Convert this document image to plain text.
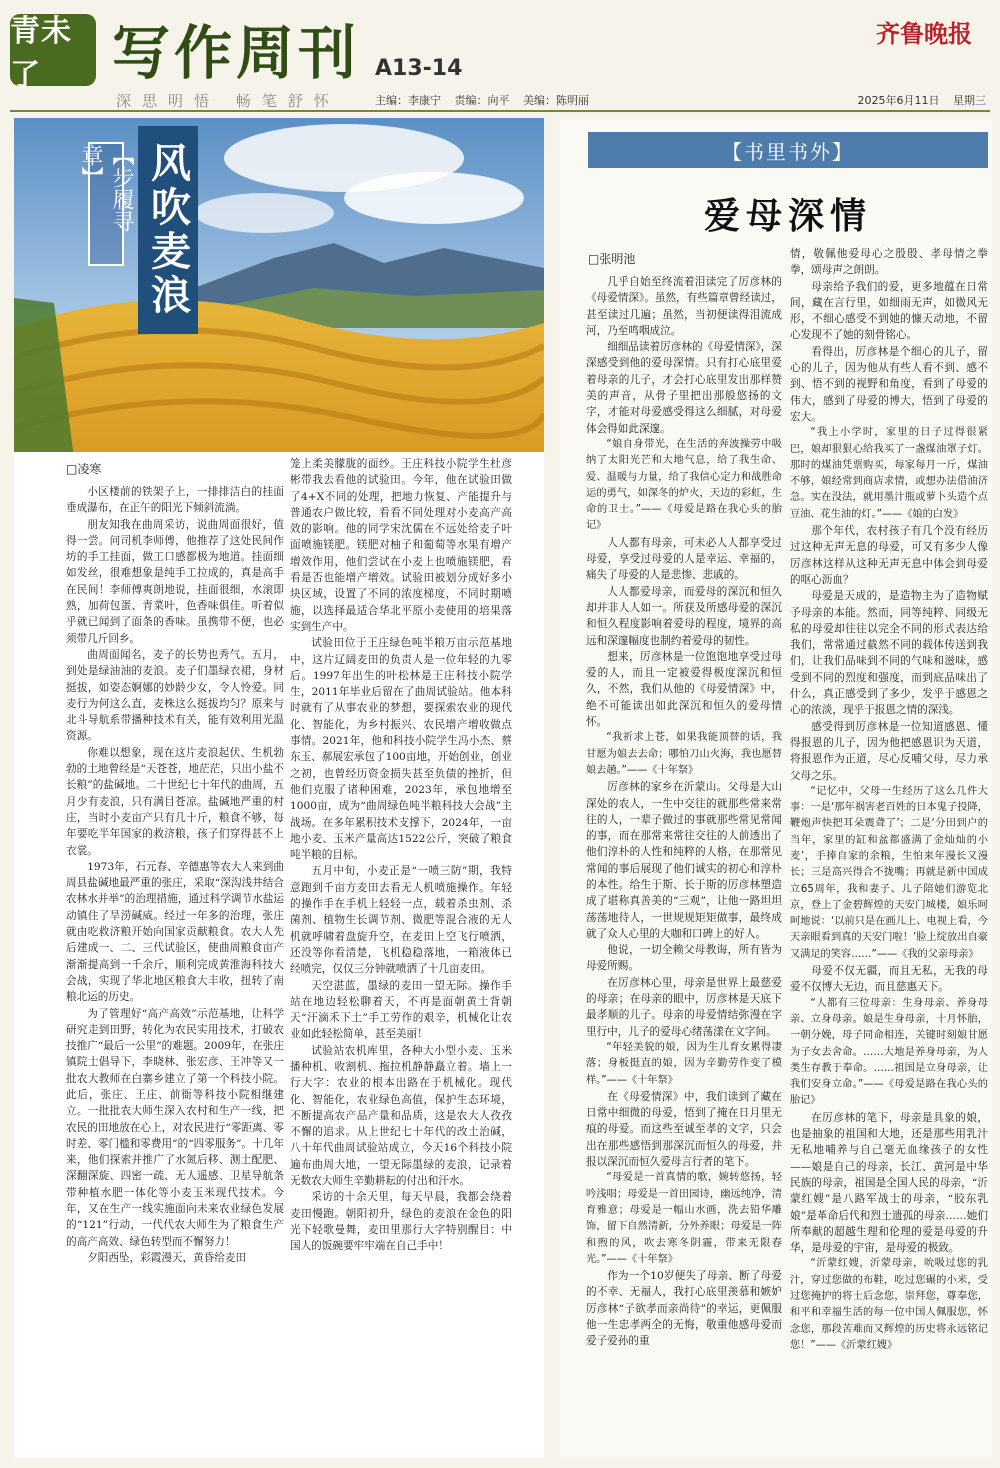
青未了	写作周刊 A13-14
齐鲁晚报
深思明悟 畅笔舒怀	主编：李康宁 责编：向平 美编：陈明丽	2025年6月11日 星期三
【步履寻章】	风吹麦浪
□凌寒

小区楼前的铁架子上，一排排洁白的挂面垂成瀑布，在正午的阳光下倾斜流淌。

朋友知我在曲周采访，说曲周面很好，值得一尝。问司机李师傅，他推荐了这处民间作坊的手工挂面，做工口感都极为地道。挂面细如发丝，很难想象是纯手工拉成的，真是高手在民间！李师傅爽朗地说，挂面很细，水滚即熟，加荷包蛋、青菜叶，色香味俱佳。听着似乎就已闻到了面条的香味。虽携带不便，也必须带几斤回乡。

曲周面闻名，麦子的长势也秀气。五月，到处是绿油油的麦浪。麦子们墨绿衣裙，身材挺拔，如姿态婀娜的妙龄少女，令人怜爱。同麦行为何这么直，麦株这么挺拔均匀？原来与北斗导航系带播种技术有关，能有效利用光温资源。

你难以想象，现在这片麦浪起伏、生机勃勃的土地曾经是“天苍苍，地茫茫，只出小盐不长粮”的盐碱地。二十世纪七十年代的曲周，五月少有麦浪，只有满目苍凉。盐碱地严重的村庄，当时小麦亩产只有几十斤，粮食不够，每年要吃半年国家的救济粮，孩子们穿得甚不上衣裳。

1973年，石元春、辛德惠等农大人来到曲周县盐碱地最严重的张庄，采取“深沟浅井结合 农林水并举”的治理措施，通过科学调节水盐运动镇住了旱涝碱威。经过一年多的治理，张庄就由吃救济粮开始向国家贡献粮食。农大人先后建成一、二、三代试验区，使曲周粮食亩产渐渐提高到一千余斤，顺利完成黄淮海科技大会战，实现了华北地区粮食大丰收，扭转了南粮北运的历史。

为了管理好“高产高效”示范基地，让科学研究走到田野，转化为农民实用技术，打破农技推广“最后一公里”的难题。2009年，在张庄镇院士倡导下，李晓林、张宏彦、王冲等又一批农大教师在白寨乡建立了第一个科技小院。此后，张庄、王庄、前衙等科技小院相继建立。一批批农大师生深入农村和生产一线，把农民的田地放在心上，对农民进行“零距离、零时差、零门槛和零费用”的“四零服务”。十几年来，他们探索并推广了水氮后移、测土配肥、深翻深旋、四密一疏、无人遥感、卫星导航条带种植水肥一体化等小麦玉米现代技术。今年，又在生产一线实施面向未来农业绿色发展的“121”行动，一代代农大师生为了粮食生产的高产高效、绿色转型而不懈努力！

夕阳西坠，彩霞漫天，黄昏给麦田

笼上柔美朦胧的面纱。王庄科技小院学生杜彦彬带我去看他的试验田。今年，他在试验田做了4+X不同的处理，把地力恢复、产能提升与普通农户做比较，看看不同处理对小麦高产高效的影响。他的同学宋沈儒在不远处给麦子叶面喷施镁肥。镁肥对柚子和葡萄等水果有增产增效作用，他们尝试在小麦上也喷施镁肥，看看是否也能增产增效。试验田被划分成好多小块区域，设置了不同的浓度梯度，不同时期喷施，以选择最适合华北平原小麦使用的培果落实到生产中。

试验田位于王庄绿色吨半粮万亩示范基地中，这片辽阔麦田的负责人是一位年轻的九零后。1997年出生的叶松林是王庄科技小院学生，2011年毕业后留在了曲周试验站。他本科时就有了从事农业的梦想，要探索农业的现代化、智能化，为乡村振兴、农民增产增收做点事情。2021年，他和科技小院学生冯小杰、蔡东玉、郝展宏承包了100亩地，开始创业，创业之初，也曾经历资金损失甚至负债的挫折，但他们克服了诸种困难，2023年，承包地增至1000亩，成为“曲周绿色吨半粮科技大会战”主战场。在多年累积技术支撑下，2024年，一亩地小麦、玉米产量高达1522公斤，突破了粮食吨半粮的目标。

五月中旬，小麦正是“一喷三防”期，我特意跑到千亩方麦田去看无人机喷施操作。年轻的操作手在手机上轻轻一点，载着杀虫剂、杀菌剂、植物生长调节剂、微肥等混合液的无人机就呼啸着盘旋升空，在麦田上空飞行喷洒，还没等你看清楚，飞机稳稳落地，一箱液体已经喷完，仅仅三分钟就喷洒了十几亩麦田。

天空湛蓝，墨绿的麦田一望无际。操作手站在地边轻松聊着天，不再是面朝黄土背朝天“汗滴禾下土”手工劳作的艰辛，机械化让农业如此轻松简单，甚至美丽！

试验站农机库里，各种大小型小麦、玉米播种机、收割机、拖拉机静静矗立着。墙上一行大字：农业的根本出路在于机械化。现代化、智能化，农业绿色高值，保护生态环境，不断提高农产品产量和品质，这是农大人孜孜不懈的追求。从上世纪七十年代的改土治碱，八十年代曲周试验站成立，今天16个科技小院遍布曲周大地，一望无际墨绿的麦浪，记录着无数农大师生辛勤耕耘的付出和汗水。

采访的十余天里，每天早晨，我都会绕着麦田慢跑。朝阳初升，绿色的麦浪在金色的阳光下轻歌曼舞，麦田里那行大字特别醒目：中国人的饭碗要牢牢端在自己手中！

【书里书外】
爱母深情
□张明池

几乎自始至终流着泪读完了厉彦林的《母爱情深》。虽然，有些篇章曾经读过，甚至读过几遍；虽然，当初便读得泪流成河，乃至鸣咽成泣。

细细品读着厉彦林的《母爱情深》，深深感受到他的爱母深情。只有打心底里爱着母亲的儿子，才会打心底里发出那样赞美的声音，从骨子里把出那般悠扬的文字，才能对母爱感受得这么细腻，对母爱体会得如此深邃。

“娘自身带光，在生活的奔波操劳中吸纳了太阳光芒和大地气息，给了我生命、爱、温暖与力量，给了我信心定力和战胜命运的勇气，如深冬的炉火，天边的彩虹，生命的卫士。”——《母爱是路在我心头的胎记》

人人都有母亲，可未必人人都享受过母爱，享受过母爱的人是幸运、幸福的，痛失了母爱的人是悲惨、悲戚的。

人人都爱母亲，而爱母的深沉和恒久却并非人人如一。所获及所感母爱的深沉和恒久程度影响着爱母的程度，境界的高远和深邃幅度也制约着爱母的韧性。

想来，厉彦林是一位饱饱地享受过母爱的人，而且一定被爱得极度深沉和恒久，不然，我们从他的《母爱情深》中，绝不可能读出如此深沉和恒久的爱母情怀。

“我祈求上苍，如果我能顶替的话，我甘愿为娘去去命；哪怕刀山火海，我也愿替娘去趟。”——《十年祭》

厉彦林的家乡在沂蒙山。父母是大山深处的农人，一生中交往的就那些常来常往的人，一辈子做过的事就那些常见常闻的事，而在那常来常往交往的人前透出了他们淳朴的人性和纯粹的人格，在那常见常闻的事后展现了他们诚实的初心和淳朴的本性。给生于斯、长于斯的厉彦林塑造成了堪称真善美的“三观”，让他一路坦坦荡荡地待人，一世规规矩矩做事，最终成就了众人心里的大咖和口碑上的好人。

他说，一切全赖父母教诲，所有皆为母爱所赐。

在厉彦林心里，母亲是世界上最慈爱的母亲；在母亲的眼中，厉彦林是天底下最孝顺的儿子。母亲的母爱情结弥漫在字里行中，儿子的爱母心绪荡漾在文字间。

“年轻美貌的娘，因为生儿育女累得凄落；身板挺直的娘，因为辛勤劳作变了模样。”——《十年祭》

在《母爱情深》中，我们读到了藏在日常中细微的母爱，悟到了掩在日月里无痕的母爱。而这些至诚至孝的文字，只会出在那些感悟到那深沉而恒久的母爱，并报以深沉而恒久爱母言行者的笔下。

“母爱是一首真情的歌，婉转悠扬，轻吟浅唱；母爱是一首田园诗，幽远纯净，清育雅意；母爱是一幅山水画，洗去铅华雕饰，留下自然清新，分外养眼；母爱是一阵和煦的风，吹去寒冬阴霾，带来无限春光。”——《十年祭》

作为一个10岁便失了母亲、断了母爱的不幸、无福人，我打心底里羡慕和嫉妒厉彦林“子欲孝而亲尚待”的幸运，更佩服他一生忠孝两全的无悔，敬重他感母爱而爱子爱孙的重

情，敬佩他爱母心之殷殷、孝母情之拳拳，颂母声之朗朗。

母亲给予我们的爱，更多地蕴在日常间，藏在言行里，如细雨无声，如微风无形，不细心感受不到她的慷天动地，不留心发现不了她的刻骨铭心。

看得出，厉彦林是个细心的儿子，留心的儿子，因为他从有些人看不到、感不到、悟不到的视野和角度，看到了母爱的伟大，感到了母爱的博大，悟到了母爱的宏大。

“我上小学时，家里的日子过得很紧巴，娘却狠狠心给我买了一盏煤油罩子灯。那时的煤油凭票购买，每家每月一斤，煤油不够，娘经常到商店求情，或想办法借油济急。实在没法，就用墨汁瓶或萝卜头造个点豆油、花生油的灯。”——《娘的白发》

那个年代，农村孩子有几个没有经历过这种无声无息的母爱，可又有多少人像厉彦林这样从这种无声无息中体会到母爱的呕心沥血？

母爱是天成的，是造物主为了造物赋予母亲的本能。然而，同等纯粹、同级无私的母爱却往往以完全不同的形式表达给我们，常常通过截然不同的载体传送到我们，让我们品味到不同的气味和滋味，感受到不同的烈度和强度，而到底品味出了什么，真正感受到了多少，发乎于感恩之心的浓淡，现乎于报恩之情的深浅。

感受得到厉彦林是一位知道感恩、懂得报恩的儿子，因为他把感恩识为天道，将报恩作为正道，尽心反哺父母，尽力承父母之乐。

“记忆中，父母一生经历了这么几件大事：一是‘那年祸害老百姓的日本鬼子投降，鞭炮声快把耳朵震聋了’；二是‘分田到户的当年，家里的缸和盆都盛满了金灿灿的小麦’，手捧自家的余粮，生怕来年漫长又漫长；三是高兴得合不拢嘴；再就是新中国成立65周年，我和妻子、儿子陪她们游览北京，登上了金碧辉煌的天安门城楼，娘乐呵呵地说：‘以前只是在画儿上、电视上看，今天亲眼看到真的天安门啦！’脸上绽放出自豪又满足的笑容……”——《我的父亲母亲》

母爱不仅无疆，而且无私，无我的母爱不仅博大无边，而且慈惠天下。

“人都有三位母亲：生身母亲、养身母亲、立身母亲。娘是生身母亲，十月怀胎，一朝分娩，母子同命相连，关键时刻娘甘愿为子女去舍命。……大地是养身母亲，为人类生存教于奉命。……祖国是立身母亲，让我们安身立命。”——《母爱是路在我心头的胎记》

在厉彦林的笔下，母亲是具象的娘，也是抽象的祖国和大地，还是那些用乳汁无私地哺养与自己毫无血缘孩子的女性——娘是自己的母亲，长江、黄河是中华民族的母亲，祖国是全国人民的母亲，“沂蒙红嫂”是八路军战士的母亲，“胶东乳娘”是革命后代和烈士遗孤的母亲……她们所奉献的超越生理和伦理的爱是母爱的升华，是母爱的宇宙，是母爱的极致。

“沂蒙红嫂，沂蒙母亲，吮吸过您的乳汁，穿过您做的布鞋，吃过您碾的小米，受过您掩护的将士后念您，崇拜您，尊奉您，和平和幸福生活的每一位中国人佩服您，怀念您，那段苦难而又辉煌的历史将永远铭记您！”——《沂蒙红嫂》
